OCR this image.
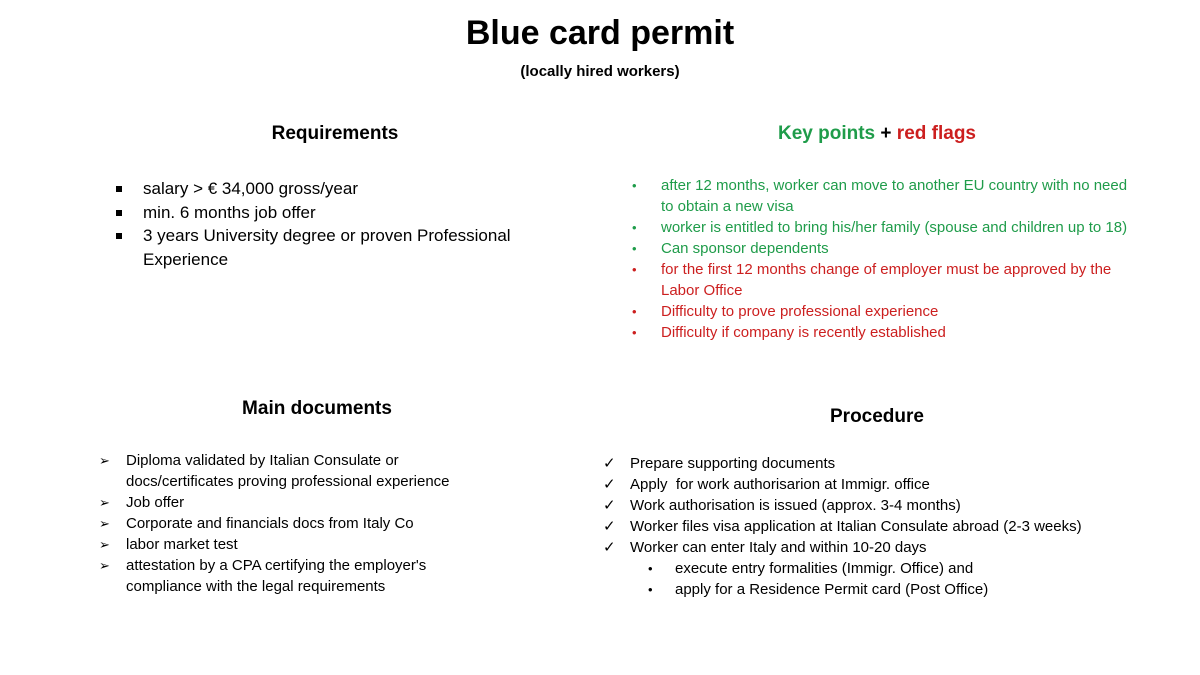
Blue card permit
(locally hired workers)
Requirements
salary > € 34,000 gross/year
min. 6 months job offer
3 years University degree or proven Professional Experience
Key points + red flags
• after 12 months, worker can move to another EU country with no need to obtain a new visa
• worker is entitled to bring his/her family (spouse and children up to 18)
• Can sponsor dependents
• for the first 12 months change of employer must be approved by the Labor Office
• Difficulty to prove professional experience
• Difficulty if company is recently established
Main documents
➢ Diploma validated by Italian Consulate or docs/certificates proving professional experience
➢ Job offer
➢ Corporate and financials docs from Italy Co
➢ labor market test
➢ attestation by a CPA certifying the employer's compliance with the legal requirements
Procedure
✓ Prepare supporting documents
✓ Apply  for work authorisarion at Immigr. office
✓ Work authorisation is issued (approx. 3-4 months)
✓ Worker files visa application at Italian Consulate abroad (2-3 weeks)
✓ Worker can enter Italy and within 10-20 days
• execute entry formalities (Immigr. Office) and
• apply for a Residence Permit card (Post Office)
